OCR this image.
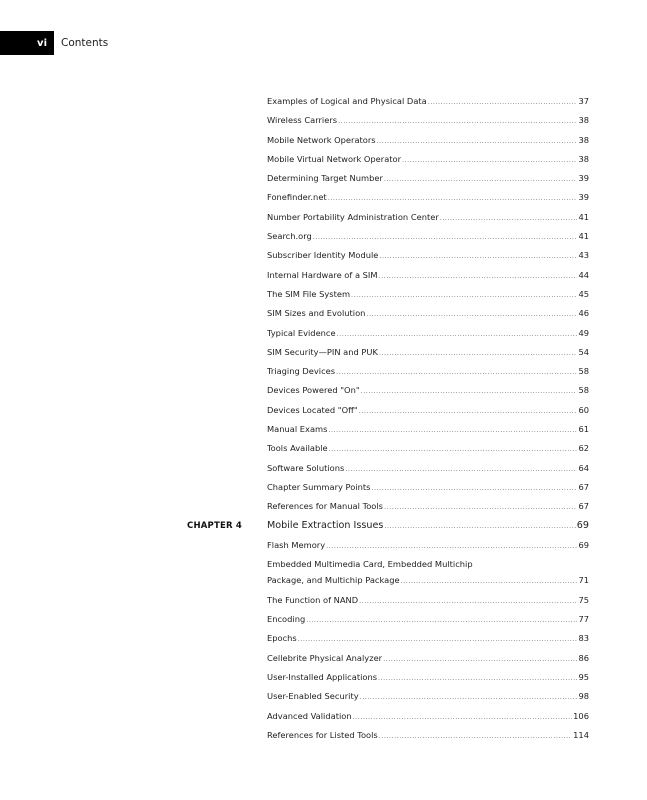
vi Contents
Examples of Logical and Physical Data .....	37
Wireless Carriers .....	38
Mobile Network Operators .....	38
Mobile Virtual Network Operator .....	38
Determining Target Number .....	39
Fonefinder.net .....	39
Number Portability Administration Center .....	41
Search.org .....	41
Subscriber Identity Module .....	43
Internal Hardware of a SIM .....	44
The SIM File System .....	45
SIM Sizes and Evolution .....	46
Typical Evidence .....	49
SIM Security—PIN and PUK .....	54
Triaging Devices .....	58
Devices Powered "On" .....	58
Devices Located "Off" .....	60
Manual Exams .....	61
Tools Available .....	62
Software Solutions .....	64
Chapter Summary Points .....	67
References for Manual Tools .....	67
CHAPTER 4	Mobile Extraction Issues .....	69
Flash Memory .....	69
Embedded Multimedia Card, Embedded Multichip
Package, and Multichip Package .....	71
The Function of NAND .....	75
Encoding .....	77
Epochs .....	83
Cellebrite Physical Analyzer .....	86
User-Installed Applications .....	95
User-Enabled Security .....	98
Advanced Validation .....	106
References for Listed Tools .....	114
